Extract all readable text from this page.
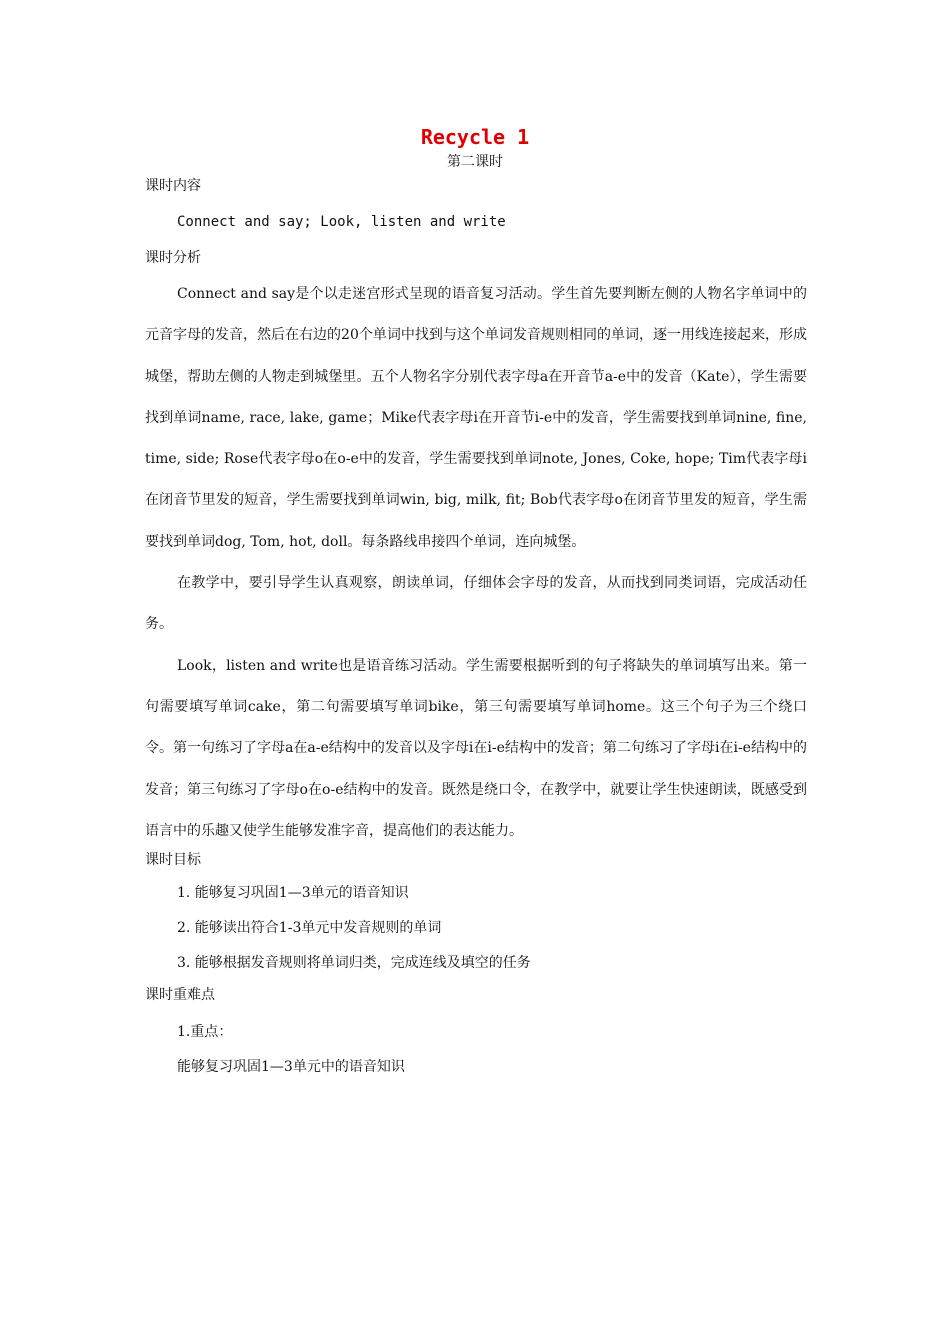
Recycle 1
第二课时
课时内容
Connect and say; Look, listen and write
课时分析
Connect and say是个以走迷宫形式呈现的语音复习活动。学生首先要判断左侧的人物名字单词中的元音字母的发音，然后在右边的20个单词中找到与这个单词发音规则相同的单词，逐一用线连接起来，形成城堡，帮助左侧的人物走到城堡里。五个人物名字分别代表字母a在开音节a-e中的发音（Kate），学生需要找到单词name, race, lake, game；Mike代表字母i在开音节i-e中的发音，学生需要找到单词nine, fine, time, side; Rose代表字母o在o-e中的发音，学生需要找到单词note, Jones, Coke, hope; Tim代表字母i在闭音节里发的短音，学生需要找到单词win, big, milk, fit; Bob代表字母o在闭音节里发的短音，学生需要找到单词dog, Tom, hot, doll。每条路线串接四个单词，连向城堡。
在教学中，要引导学生认真观察，朗读单词，仔细体会字母的发音，从而找到同类词语，完成活动任务。
Look，listen and write也是语音练习活动。学生需要根据听到的句子将缺失的单词填写出来。第一句需要填写单词cake，第二句需要填写单词bike，第三句需要填写单词home。这三个句子为三个绕口令。第一句练习了字母a在a-e结构中的发音以及字母i在i-e结构中的发音；第二句练习了字母i在i-e结构中的发音；第三句练习了字母o在o-e结构中的发音。既然是绕口令，在教学中，就要让学生快速朗读，既感受到语言中的乐趣又使学生能够发准字音，提高他们的表达能力。
课时目标
1. 能够复习巩固1—3单元的语音知识
2. 能够读出符合1-3单元中发音规则的单词
3. 能够根据发音规则将单词归类，完成连线及填空的任务
课时重难点
1.重点：
能够复习巩固1—3单元中的语音知识
